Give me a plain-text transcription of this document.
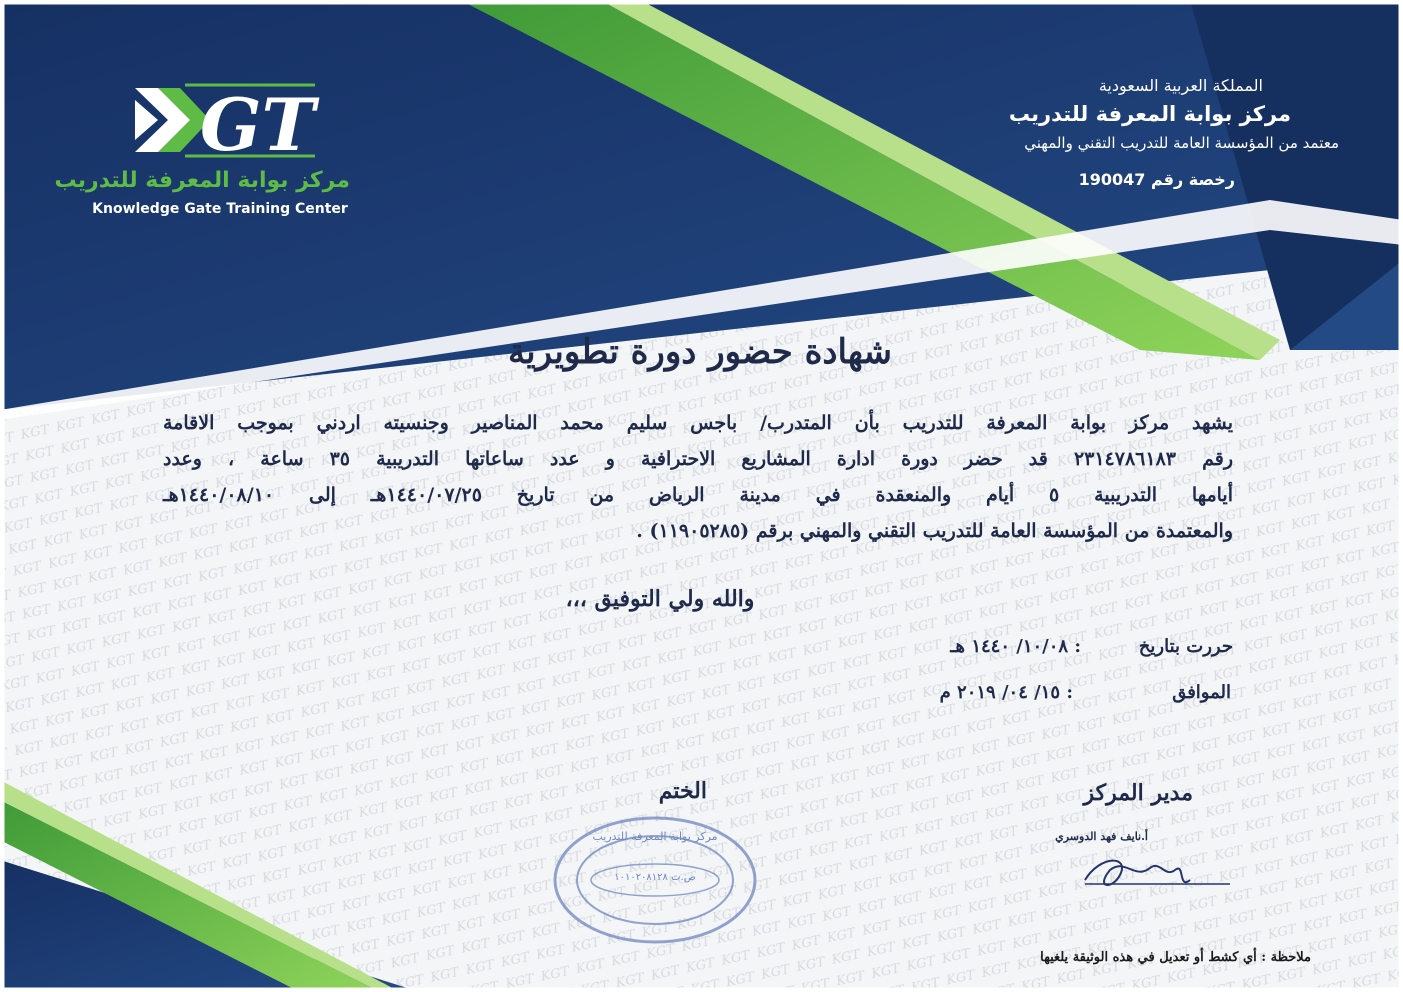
GT
مركز بوابة المعرفة للتدريب
Knowledge Gate Training Center
المملكة العربية السعودية
مركز بوابة المعرفة للتدريب
معتمد من المؤسسة العامة للتدريب التقني والمهني
رخصة رقم 190047
شهادة حضور دورة تطويرية
يشهد مركز بوابة المعرفة للتدريب بأن المتدرب/ باجس سليم محمد المناصير وجنسيته اردني بموجب الاقامة
رقم ٢٣١٤٧٨٦١٨٣ قد حضر دورة ادارة المشاريع الاحترافية و عدد ساعاتها التدريبية ٣٥ ساعة ، وعدد
أيامها التدريبية ٥ أيام والمنعقدة في مدينة الرياض من تاريخ ١٤٤٠/٠٧/٢٥هـ إلى ١٤٤٠/٠٨/١٠هـ
والمعتمدة من المؤسسة العامة للتدريب التقني والمهني برقم (١١٩٠٥٢٨٥) .
والله ولي التوفيق ،،،
حررت بتاريخ
: ١٠/٠٨/ ١٤٤٠ هـ
الموافق
: ١٥/ ٠٤/ ٢٠١٩ م
مدير المركز
أ.نايف فهد الدوسري
الختم
مركز بوابة المعرفة للتدريب
ص.ت ١٠١٠٢٠٨١٢٨
ملاحظة : أي كشط أو تعديل في هذه الوثيقة يلغيها
